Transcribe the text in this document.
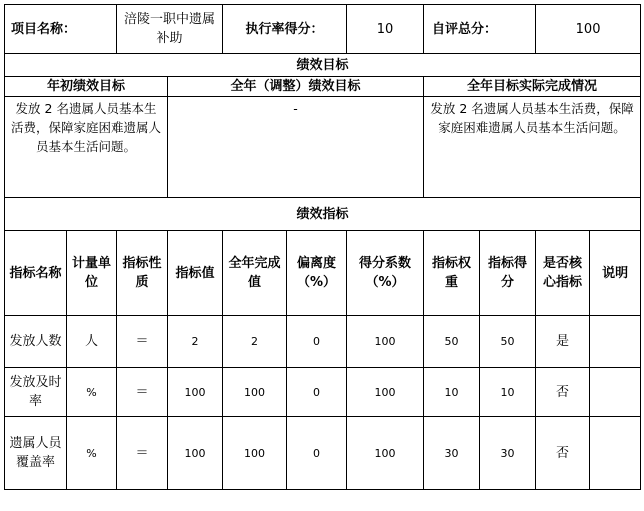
项目名称：		涪陵一职中遗属补助		执行率得分：		10	自评总分：		100	
绩效目标										
年初绩效目标			全年（调整）绩效目标				全年目标实际完成情况			
发放 2 名遗属人员基本生活费，保障家庭困难遗属人员基本生活问题。			-				发放 2 名遗属人员基本生活费，保障家庭困难遗属人员基本生活问题。			
绩效指标										
指标名称	计量单位	指标性质	指标值	全年完成值	偏离度（%）	得分系数（%）	指标权重	指标得分	是否核心指标	说明
发放人数	人	＝	2	2	0	100	50	50	是	
发放及时率	%	＝	100	100	0	100	10	10	否	
遗属人员覆盖率	%	＝	100	100	0	100	30	30	否	
